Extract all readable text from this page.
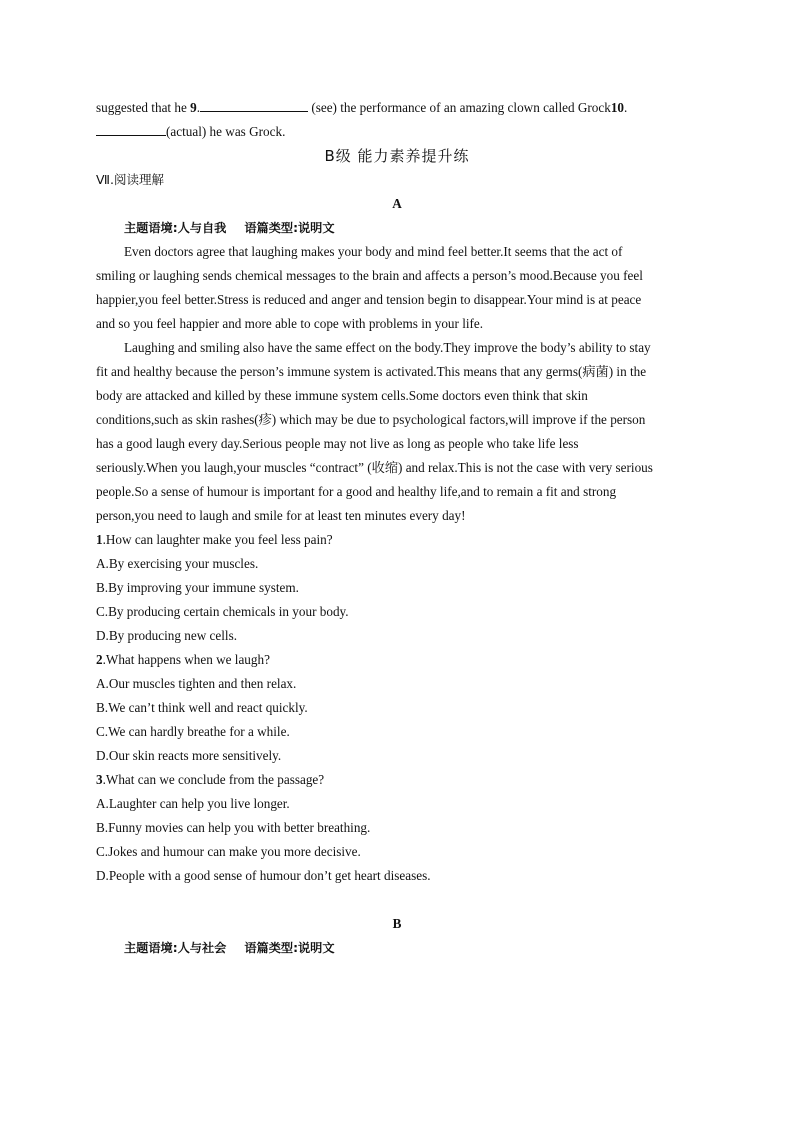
suggested that he 9.	(see) the performance of an amazing clown called Grock10.
(actual) he was Grock.
B级 能力素养提升练
Ⅶ.阅读理解
A
主题语境:人与自我 语篇类型:说明文
Even doctors agree that laughing makes your body and mind feel better.It seems that the act of
smiling or laughing sends chemical messages to the brain and affects a person’s mood.Because you feel
happier,you feel better.Stress is reduced and anger and tension begin to disappear.Your mind is at peace
and so you feel happier and more able to cope with problems in your life.
Laughing and smiling also have the same effect on the body.They improve the body’s ability to stay
fit and healthy because the person’s immune system is activated.This means that any germs(病菌) in the
body are attacked and killed by these immune system cells.Some doctors even think that skin
conditions,such as skin rashes(疹) which may be due to psychological factors,will improve if the person
has a good laugh every day.Serious people may not live as long as people who take life less
seriously.When you laugh,your muscles “contract” (收缩) and relax.This is not the case with very serious
people.So a sense of humour is important for a good and healthy life,and to remain a fit and strong
person,you need to laugh and smile for at least ten minutes every day!
1.How can laughter make you feel less pain?
A.By exercising your muscles.
B.By improving your immune system.
C.By producing certain chemicals in your body.
D.By producing new cells.
2.What happens when we laugh?
A.Our muscles tighten and then relax.
B.We can’t think well and react quickly.
C.We can hardly breathe for a while.
D.Our skin reacts more sensitively.
3.What can we conclude from the passage?
A.Laughter can help you live longer.
B.Funny movies can help you with better breathing.
C.Jokes and humour can make you more decisive.
D.People with a good sense of humour don’t get heart diseases.
B
主题语境:人与社会 语篇类型:说明文
